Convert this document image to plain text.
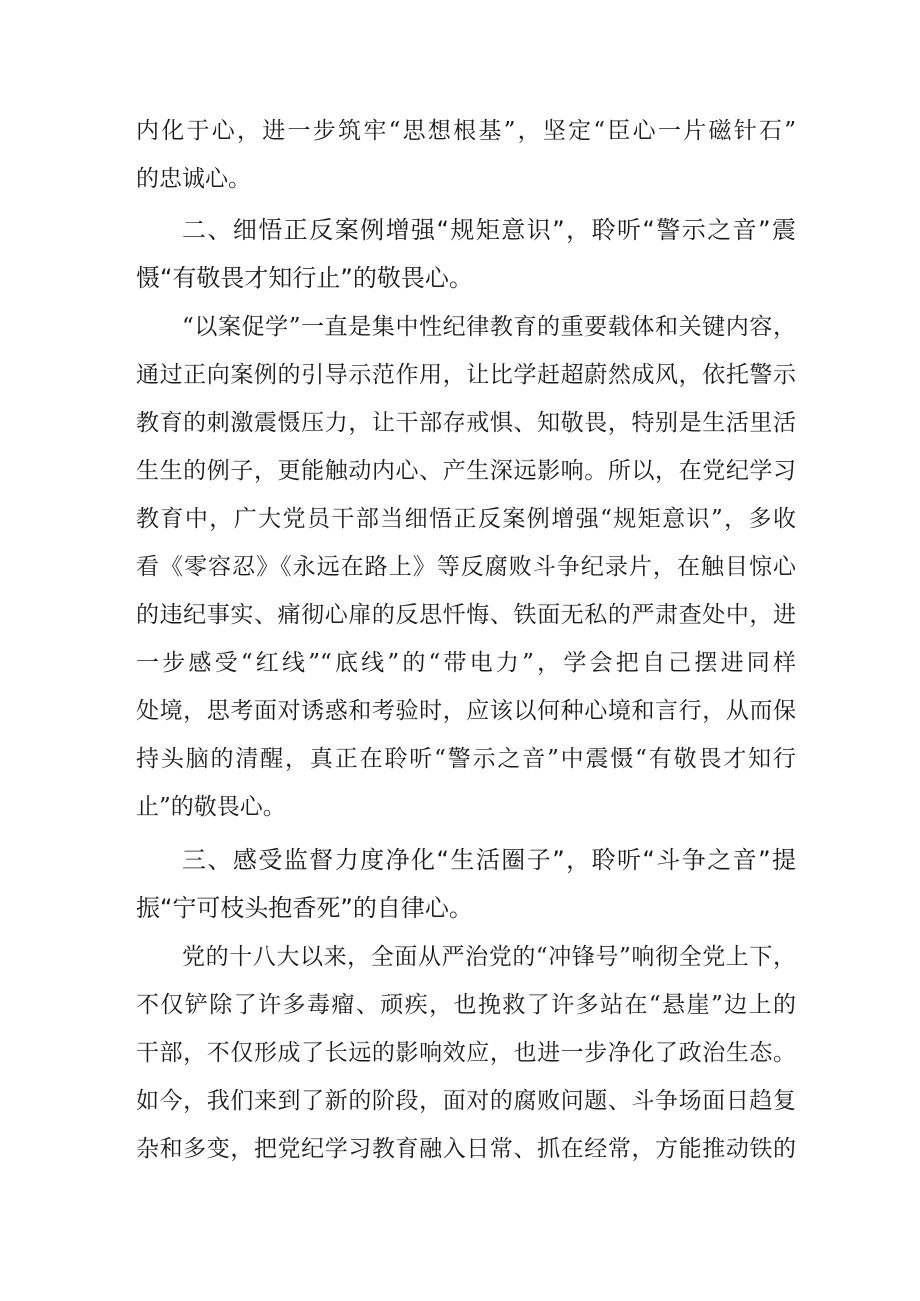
内化于心，进一步筑牢“思想根基”，坚定“臣心一片磁针石”
的忠诚心。
二、细悟正反案例增强“规矩意识”，聆听“警示之音”震
慑“有敬畏才知行止”的敬畏心。
“以案促学”一直是集中性纪律教育的重要载体和关键内容，
通过正向案例的引导示范作用，让比学赶超蔚然成风，依托警示
教育的刺激震慑压力，让干部存戒惧、知敬畏，特别是生活里活
生生的例子，更能触动内心、产生深远影响。所以，在党纪学习
教育中，广大党员干部当细悟正反案例增强“规矩意识”，多收
看《零容忍》《永远在路上》等反腐败斗争纪录片，在触目惊心
的违纪事实、痛彻心扉的反思忏悔、铁面无私的严肃查处中，进
一步感受“红线”“底线”的“带电力”，学会把自己摆进同样
处境，思考面对诱惑和考验时，应该以何种心境和言行，从而保
持头脑的清醒，真正在聆听“警示之音”中震慑“有敬畏才知行
止”的敬畏心。
三、感受监督力度净化“生活圈子”，聆听“斗争之音”提
振“宁可枝头抱香死”的自律心。
党的十八大以来，全面从严治党的“冲锋号”响彻全党上下，
不仅铲除了许多毒瘤、顽疾，也挽救了许多站在“悬崖”边上的
干部，不仅形成了长远的影响效应，也进一步净化了政治生态。
如今，我们来到了新的阶段，面对的腐败问题、斗争场面日趋复
杂和多变，把党纪学习教育融入日常、抓在经常，方能推动铁的
